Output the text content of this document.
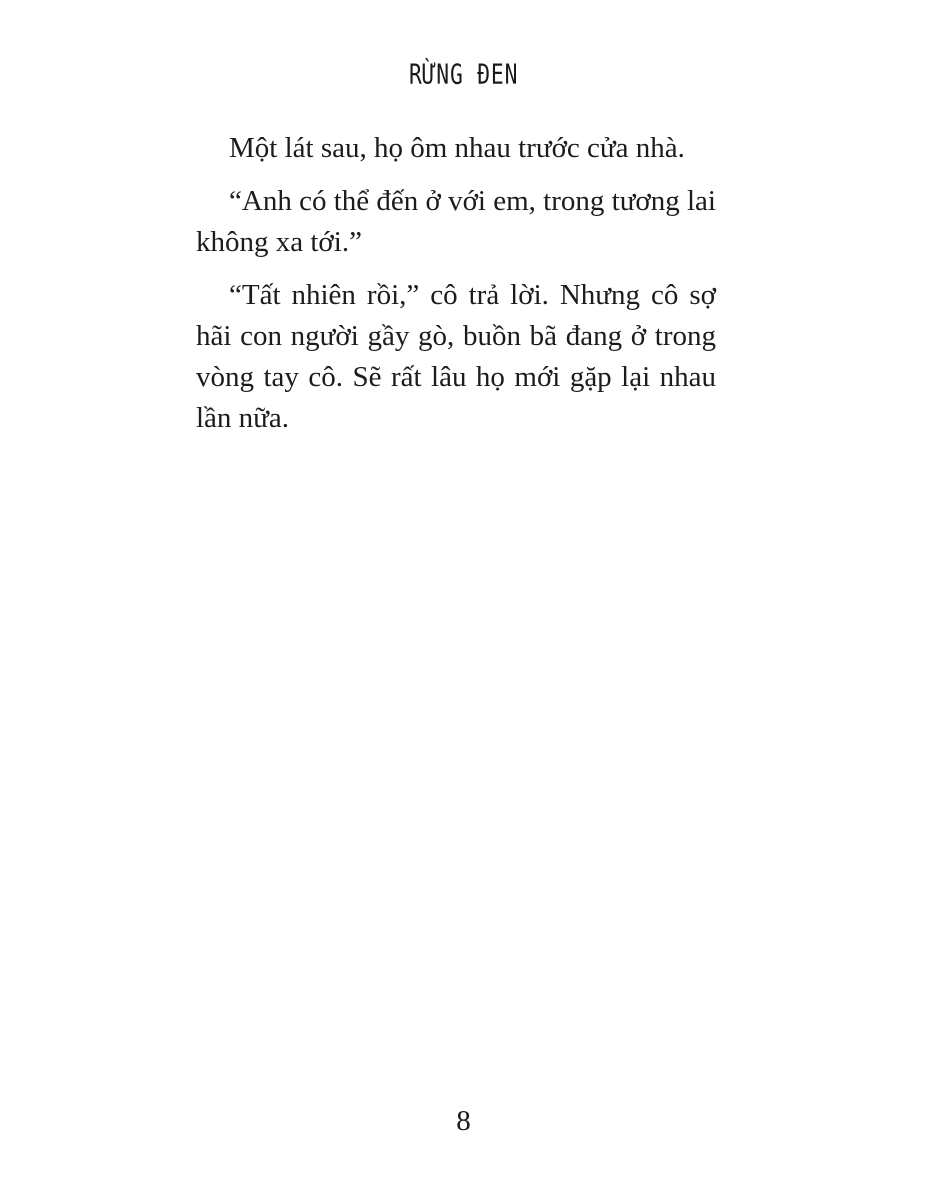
RỪNG ĐEN

Một lát sau, họ ôm nhau trước cửa nhà.

“Anh có thể đến ở với em, trong tương lai không xa tới.”

“Tất nhiên rồi,” cô trả lời. Nhưng cô sợ hãi con người gầy gò, buồn bã đang ở trong vòng tay cô. Sẽ rất lâu họ mới gặp lại nhau lần nữa.

8
